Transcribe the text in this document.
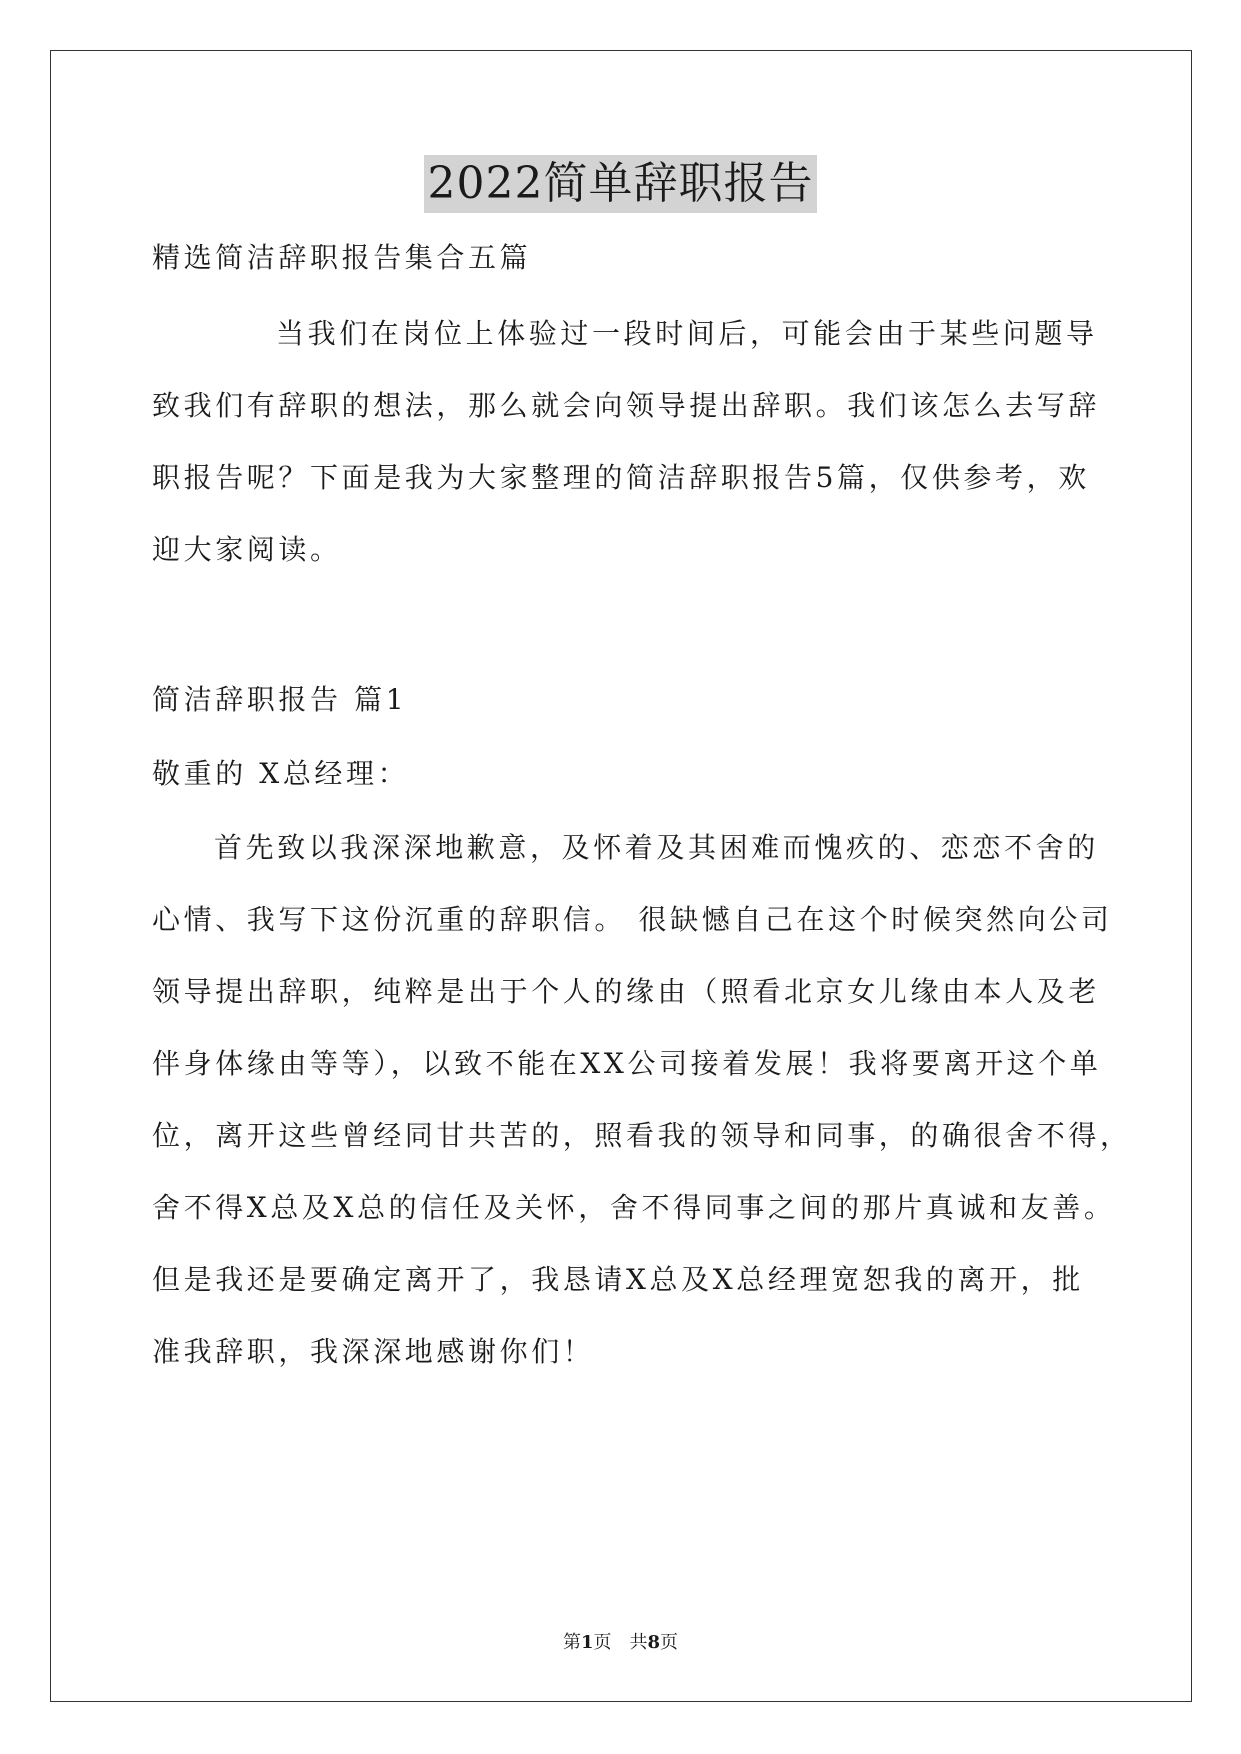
2022简单辞职报告

精选简洁辞职报告集合五篇

当我们在岗位上体验过一段时间后，可能会由于某些问题导

致我们有辞职的想法，那么就会向领导提出辞职。我们该怎么去写辞

职报告呢？下面是我为大家整理的简洁辞职报告5篇，仅供参考，欢

迎大家阅读。

简洁辞职报告 篇1

敬重的 X总经理：

首先致以我深深地歉意，及怀着及其困难而愧疚的、恋恋不舍的

心情、我写下这份沉重的辞职信。 很缺憾自己在这个时候突然向公司

领导提出辞职，纯粹是出于个人的缘由（照看北京女儿缘由本人及老

伴身体缘由等等），以致不能在XX公司接着发展！我将要离开这个单

位，离开这些曾经同甘共苦的，照看我的领导和同事，的确很舍不得，

舍不得X总及X总的信任及关怀，舍不得同事之间的那片真诚和友善。

但是我还是要确定离开了，我恳请X总及X总经理宽恕我的离开，批

准我辞职，我深深地感谢你们！

第1页　共8页
